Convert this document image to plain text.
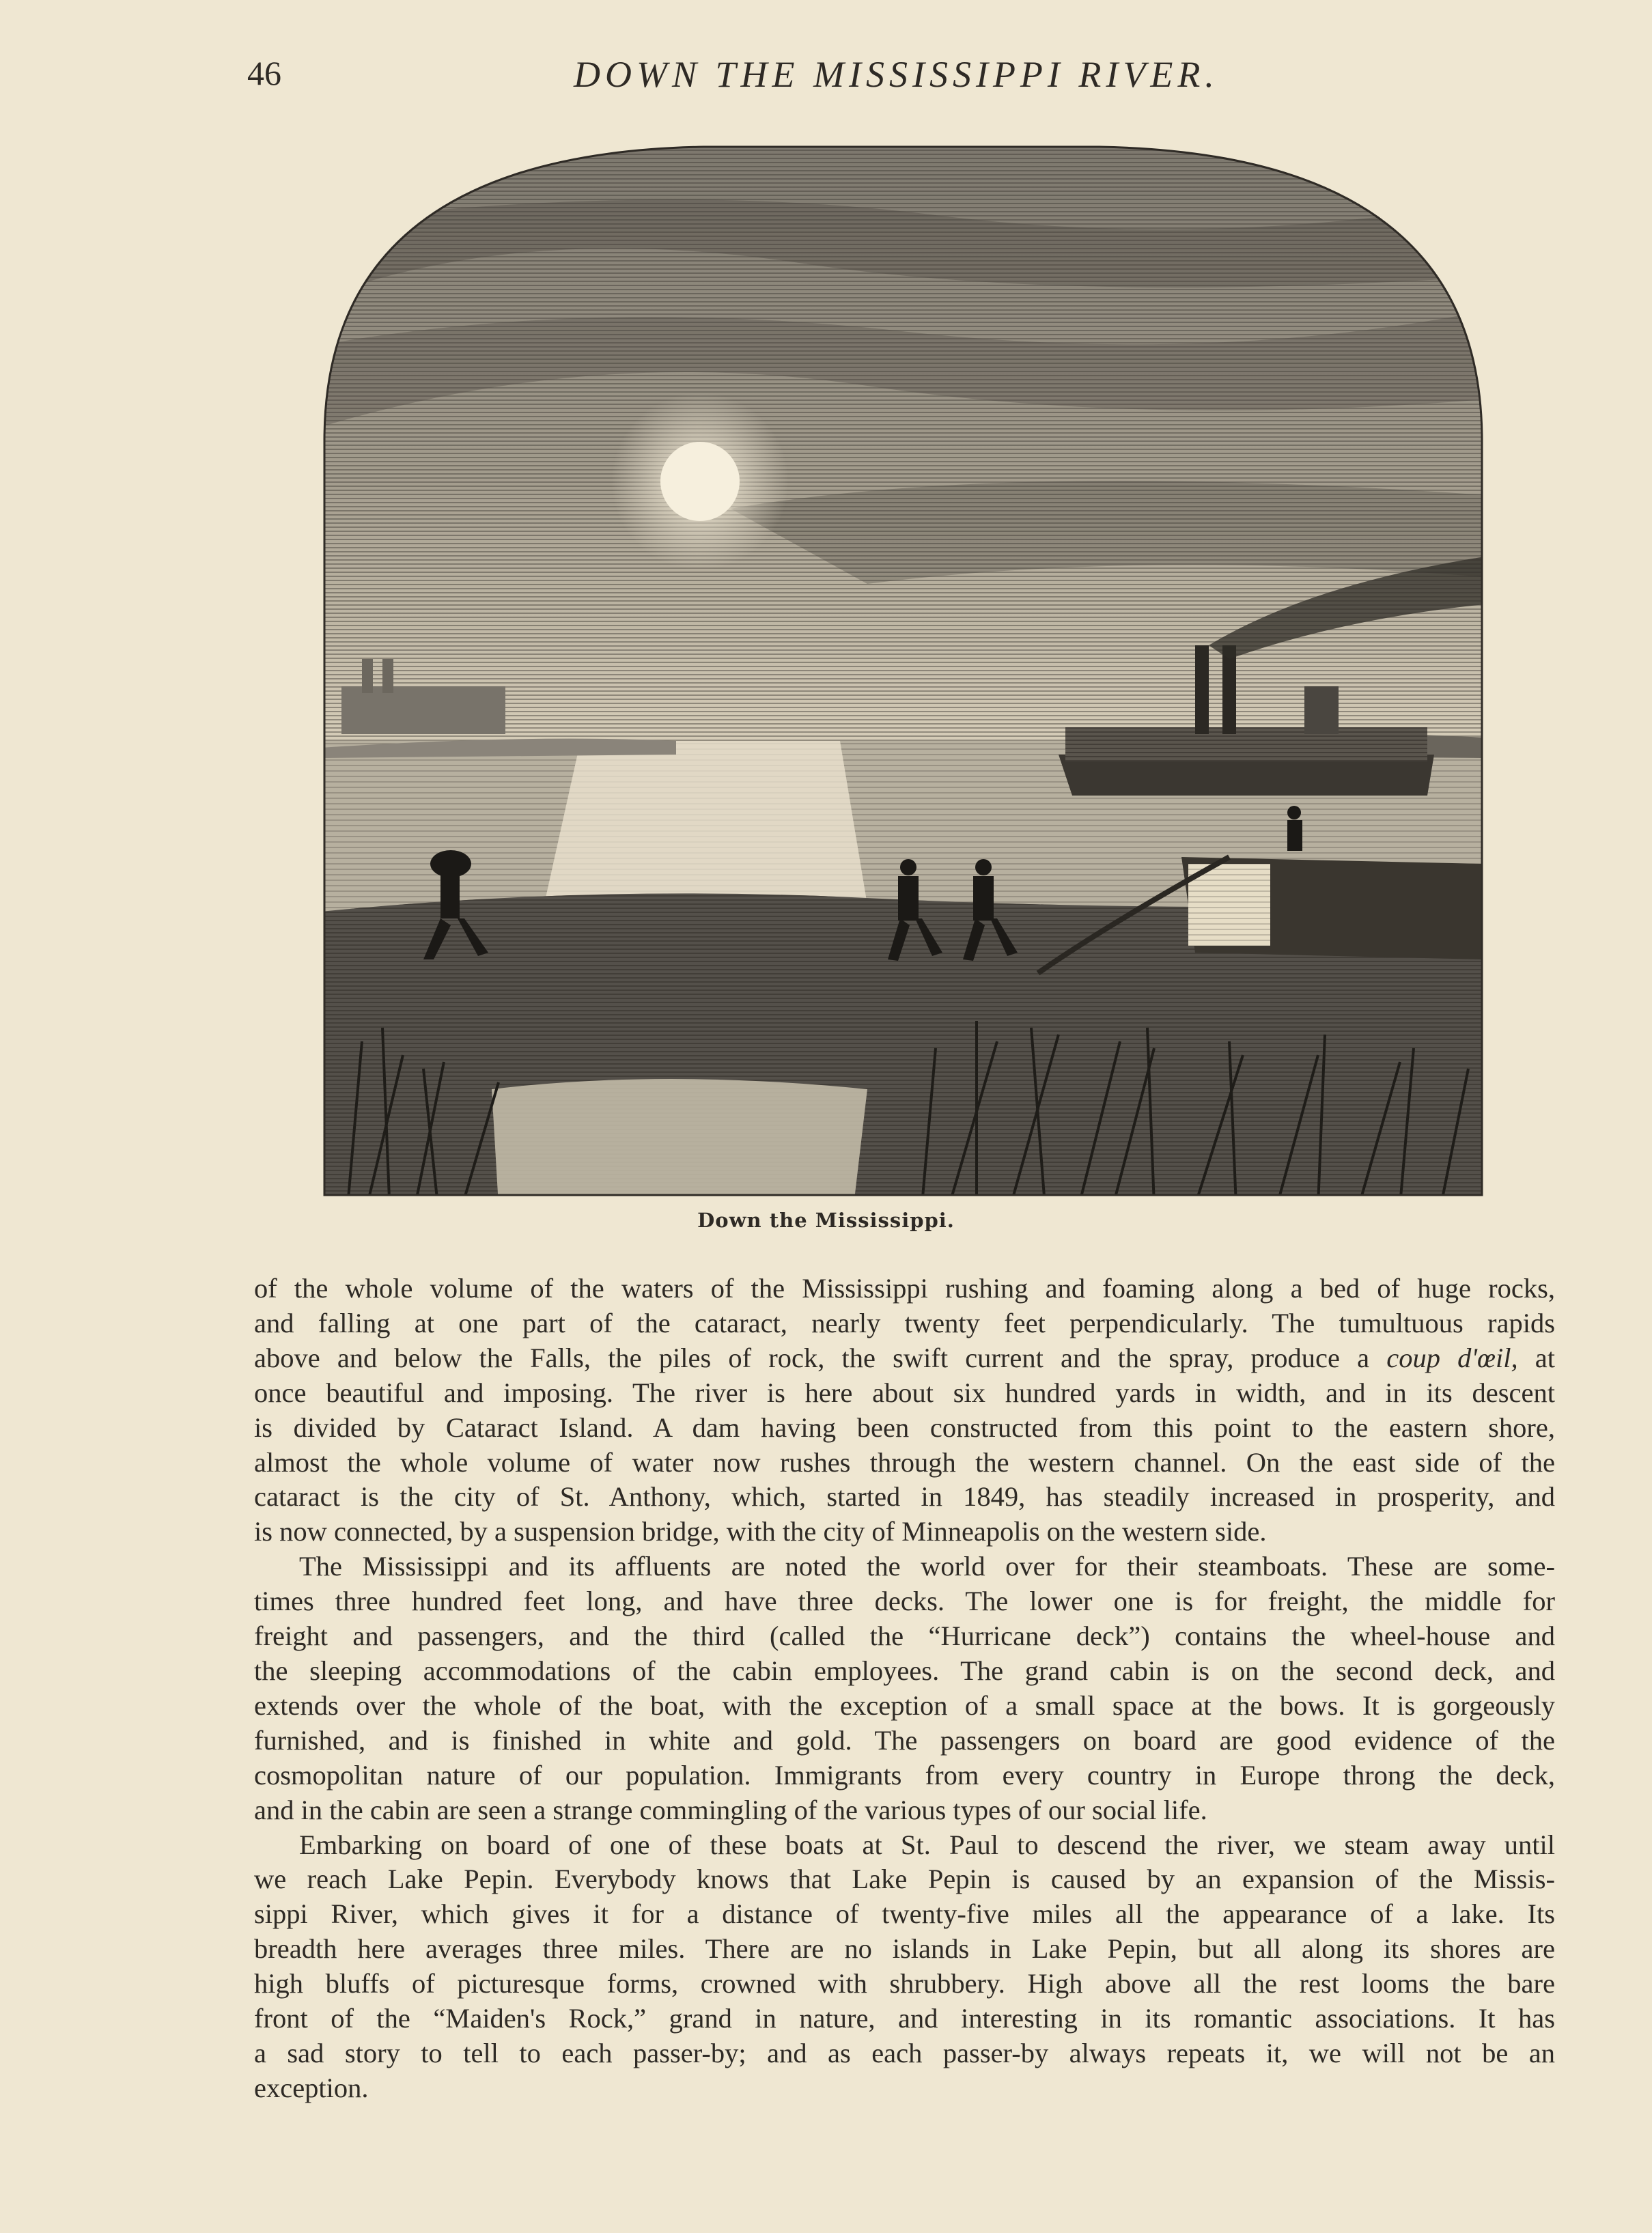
46	DOWN THE MISSISSIPPI RIVER.
Down the Mississippi.
of the whole volume of the waters of the Mississippi rushing and foaming along a bed of huge rocks,
and falling at one part of the cataract, nearly twenty feet perpendicularly. The tumultuous rapids
above and below the Falls, the piles of rock, the swift current and the spray, produce a coup d'œil, at
once beautiful and imposing. The river is here about six hundred yards in width, and in its descent
is divided by Cataract Island. A dam having been constructed from this point to the eastern shore,
almost the whole volume of water now rushes through the western channel. On the east side of the
cataract is the city of St. Anthony, which, started in 1849, has steadily increased in prosperity, and
is now connected, by a suspension bridge, with the city of Minneapolis on the western side.
The Mississippi and its affluents are noted the world over for their steamboats. These are some-
times three hundred feet long, and have three decks. The lower one is for freight, the middle for
freight and passengers, and the third (called the “Hurricane deck”) contains the wheel-house and
the sleeping accommodations of the cabin employees. The grand cabin is on the second deck, and
extends over the whole of the boat, with the exception of a small space at the bows. It is gorgeously
furnished, and is finished in white and gold. The passengers on board are good evidence of the
cosmopolitan nature of our population. Immigrants from every country in Europe throng the deck,
and in the cabin are seen a strange commingling of the various types of our social life.
Embarking on board of one of these boats at St. Paul to descend the river, we steam away until
we reach Lake Pepin. Everybody knows that Lake Pepin is caused by an expansion of the Missis-
sippi River, which gives it for a distance of twenty-five miles all the appearance of a lake. Its
breadth here averages three miles. There are no islands in Lake Pepin, but all along its shores are
high bluffs of picturesque forms, crowned with shrubbery. High above all the rest looms the bare
front of the “Maiden's Rock,” grand in nature, and interesting in its romantic associations. It has
a sad story to tell to each passer-by; and as each passer-by always repeats it, we will not be an
exception.
